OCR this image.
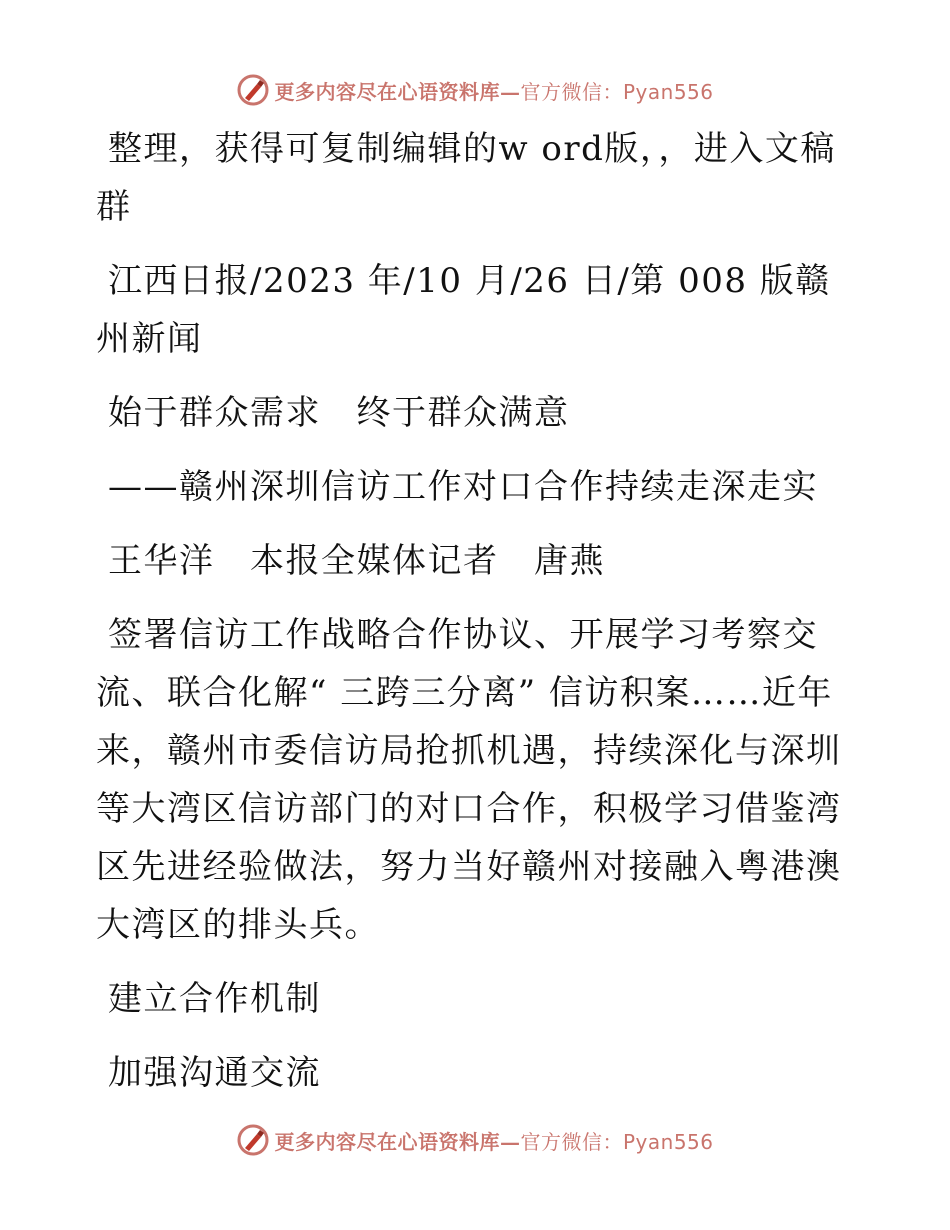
更多内容尽在心语资料库—官方微信：Pyan556

整理，获得可复制编辑的w ord版，，进入文稿群

江西日报/2023 年/10 月/26 日/第 008 版赣州新闻

始于群众需求　终于群众满意

——赣州深圳信访工作对口合作持续走深走实

王华洋　本报全媒体记者　唐燕

签署信访工作战略合作协议、开展学习考察交流、联合化解“ 三跨三分离” 信访积案……近年来，赣州市委信访局抢抓机遇，持续深化与深圳等大湾区信访部门的对口合作，积极学习借鉴湾区先进经验做法，努力当好赣州对接融入粤港澳大湾区的排头兵。

建立合作机制

加强沟通交流

更多内容尽在心语资料库—官方微信：Pyan556
